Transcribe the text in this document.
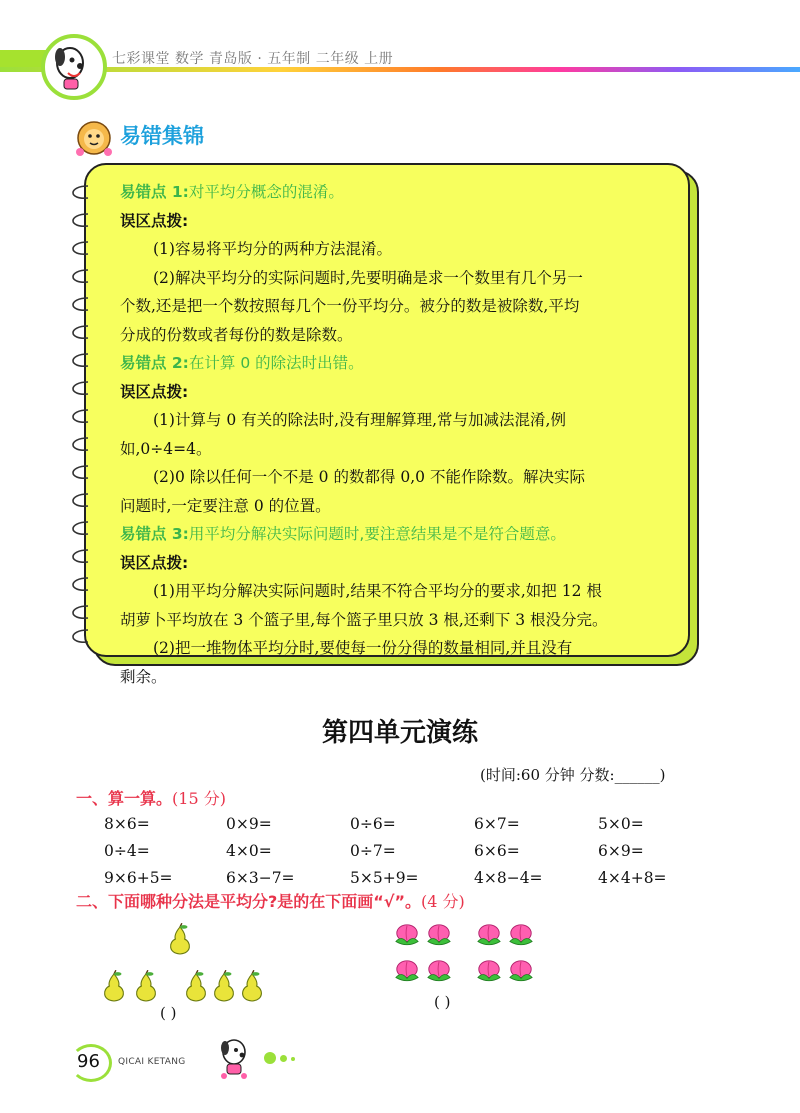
七彩课堂 数学 青岛版 · 五年制 二年级 上册
易错集锦
易错点 1:对平均分概念的混淆。
误区点拨:
(1)容易将平均分的两种方法混淆。
(2)解决平均分的实际问题时,先要明确是求一个数里有几个另一
个数,还是把一个数按照每几个一份平均分。被分的数是被除数,平均
分成的份数或者每份的数是除数。
易错点 2:在计算 0 的除法时出错。
误区点拨:
(1)计算与 0 有关的除法时,没有理解算理,常与加减法混淆,例
如,0÷4=4。
(2)0 除以任何一个不是 0 的数都得 0,0 不能作除数。解决实际
问题时,一定要注意 0 的位置。
易错点 3:用平均分解决实际问题时,要注意结果是不是符合题意。
误区点拨:
(1)用平均分解决实际问题时,结果不符合平均分的要求,如把 12 根
胡萝卜平均放在 3 个篮子里,每个篮子里只放 3 根,还剩下 3 根没分完。
(2)把一堆物体平均分时,要使每一份分得的数量相同,并且没有
剩余。
第四单元演练
(时间:60 分钟 分数:______)
一、算一算。(15 分)
8×6=	0×9=	0÷6=	6×7=	5×0=
0÷4=	4×0=	0÷7=	6×6=	6×9=
9×6+5=	6×3−7=	5×5+9=	4×8−4=	4×4+8=
二、下面哪种分法是平均分?是的在下面画“√”。(4 分)
( )
( )
96 QICAI KETANG
